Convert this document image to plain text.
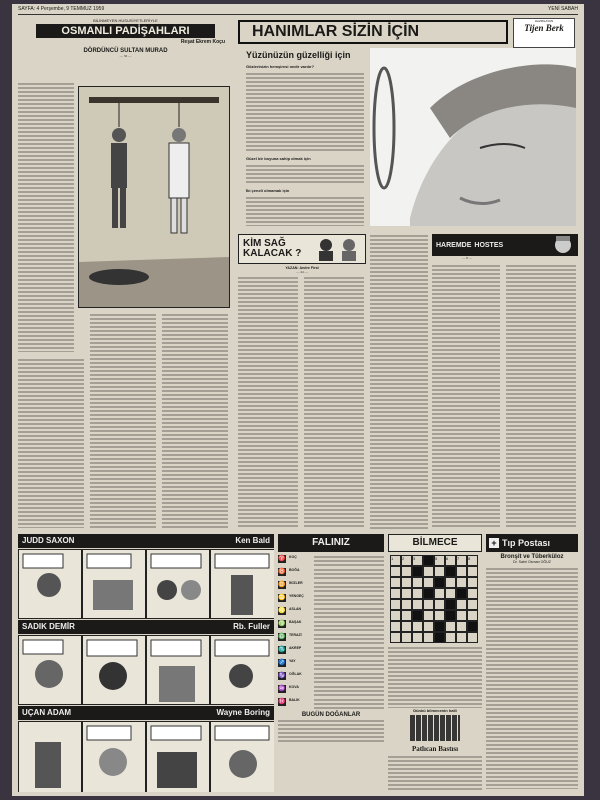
SAYFA: 4 Perşembe, 9 TEMMUZ 1959	YENİ SABAH
BİLİNMEYEN HUSUSİYETLERİYLE
OSMANLI PADİŞAHLARI
Reşat Ekrem Koçu
DÖRDÜNCÜ SULTAN MURAD
— 36 —
HANIMLAR SİZİN İÇİN
HAZIRLAYAN
Tijen Berk
Yüzünüzün güzelliği için
Gözlerinizin hemşiresi nedir vardır?
Güzel bir boyuna sahip olmak için
İki çeneli olmamak için
KİM SAĞ KALACAK ?
YAZAN: Andre First
— 44 —
HAREMDE HOSTES
— 8 —
JUDD SAXON	Ken Bald
SADIK DEMİR	Rb. Fuller
UÇAN ADAM	Wayne Boring
FALINIZ
♈ KOÇ
♉ BOĞA
♊ İKİZLER
♋ YENGEÇ
♌ ASLAN
♍ BAŞAK
♎ TERAZİ
♏ AKREP
♐ YAY
♑ OĞLAK
♒ KOVA
♓ BALIK
BUGÜN DOĞANLAR
BİLMECE
1	2	3	4	5	6	7	8
Dünkü bilmecenin halli
Patlıcan Bastısı
+ Tıp Postası
Bronşit ve Tüberküloz
Dr. Sabri Osman OĞUZ
